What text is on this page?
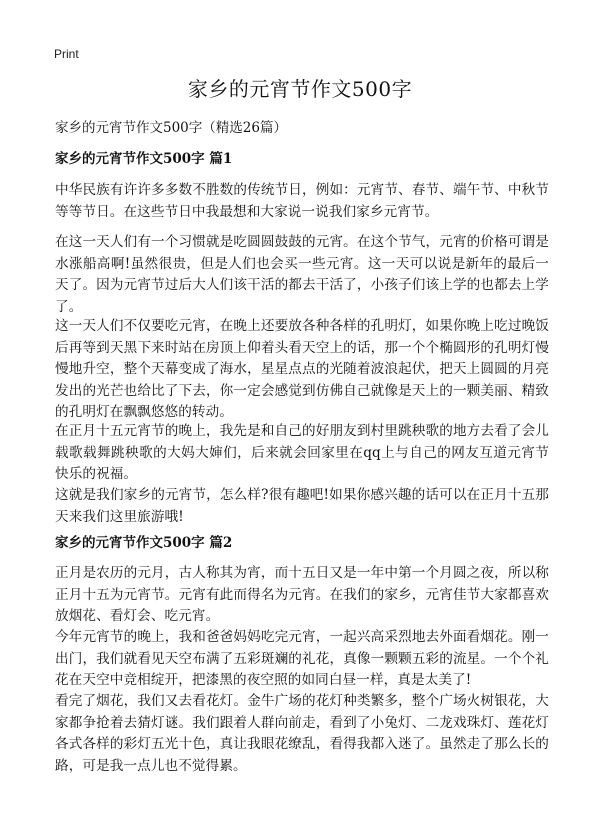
Print
家乡的元宵节作文500字

家乡的元宵节作文500字（精选26篇）

家乡的元宵节作文500字 篇1

中华民族有许许多多数不胜数的传统节日，例如：元宵节、春节、端午节、中秋节等等节日。在这些节日中我最想和大家说一说我们家乡元宵节。

在这一天人们有一个习惯就是吃圆圆鼓鼓的元宵。在这个节气，元宵的价格可谓是水涨船高啊!虽然很贵，但是人们也会买一些元宵。这一天可以说是新年的最后一天了。因为元宵节过后大人们该干活的都去干活了，小孩子们该上学的也都去上学了。

这一天人们不仅要吃元宵，在晚上还要放各种各样的孔明灯，如果你晚上吃过晚饭后再等到天黑下来时站在房顶上仰着头看天空上的话，那一个个椭圆形的孔明灯慢慢地升空，整个天幕变成了海水，星星点点的光随着波浪起伏，把天上圆圆的月亮发出的光芒也给比了下去，你一定会感觉到仿佛自己就像是天上的一颗美丽、精致的孔明灯在飘飘悠悠的转动。

在正月十五元宵节的晚上，我先是和自己的好朋友到村里跳秧歌的地方去看了会儿载歌载舞跳秧歌的大妈大婶们，后来就会回家里在qq上与自己的网友互道元宵节快乐的祝福。

这就是我们家乡的元宵节，怎么样?很有趣吧!如果你感兴趣的话可以在正月十五那天来我们这里旅游哦!

家乡的元宵节作文500字 篇2

正月是农历的元月，古人称其为宵，而十五日又是一年中第一个月圆之夜，所以称正月十五为元宵节。元宵有此而得名为元宵。在我们的家乡，元宵佳节大家都喜欢放烟花、看灯会、吃元宵。

今年元宵节的晚上，我和爸爸妈妈吃完元宵，一起兴高采烈地去外面看烟花。刚一出门，我们就看见天空布满了五彩斑斓的礼花，真像一颗颗五彩的流星。一个个礼花在天空中竞相绽开，把漆黑的夜空照的如同白昼一样，真是太美了!

看完了烟花，我们又去看花灯。金牛广场的花灯种类繁多，整个广场火树银花，大家都争抢着去猜灯谜。我们跟着人群向前走，看到了小兔灯、二龙戏珠灯、莲花灯各式各样的彩灯五光十色，真让我眼花缭乱，看得我都入迷了。虽然走了那么长的路，可是我一点儿也不觉得累。
